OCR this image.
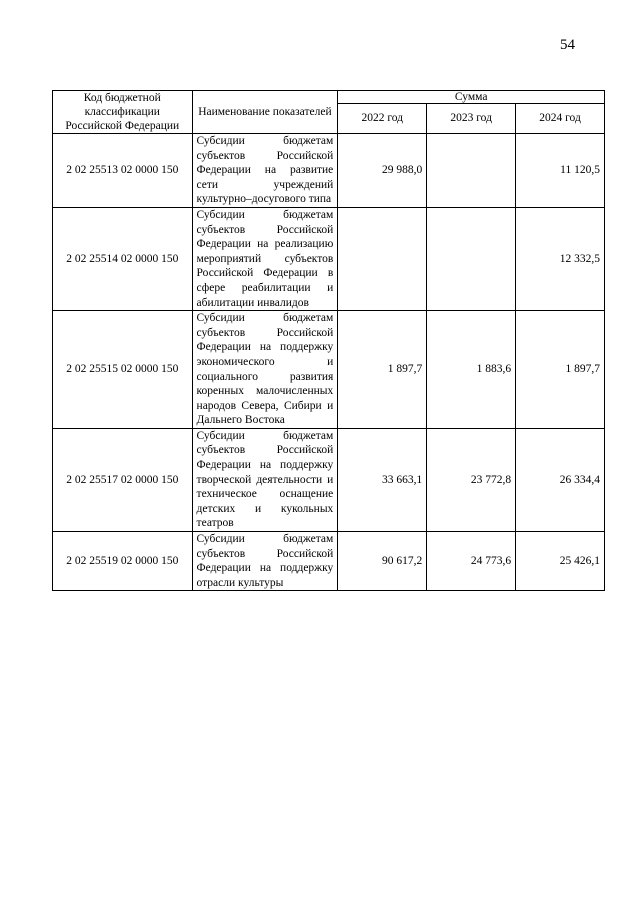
54
Код бюджетной классификации Российской Федерации	Наименование показателей	Сумма		
		2022 год	2023 год	2024 год
2 02 25513 02 0000 150	Субсидии бюджетам субъектов Российской Федерации на развитие сети учреждений культурно–досугового типа	29 988,0		11 120,5
2 02 25514 02 0000 150	Субсидии бюджетам субъектов Российской Федерации на реализацию мероприятий субъектов Российской Федерации в сфере реабилитации и абилитации инвалидов			12 332,5
2 02 25515 02 0000 150	Субсидии бюджетам субъектов Российской Федерации на поддержку экономического и социального развития коренных малочисленных народов Севера, Сибири и Дальнего Востока	1 897,7	1 883,6	1 897,7
2 02 25517 02 0000 150	Субсидии бюджетам субъектов Российской Федерации на поддержку творческой деятельности и техническое оснащение детских и кукольных театров	33 663,1	23 772,8	26 334,4
2 02 25519 02 0000 150	Субсидии бюджетам субъектов Российской Федерации на поддержку отрасли культуры	90 617,2	24 773,6	25 426,1
